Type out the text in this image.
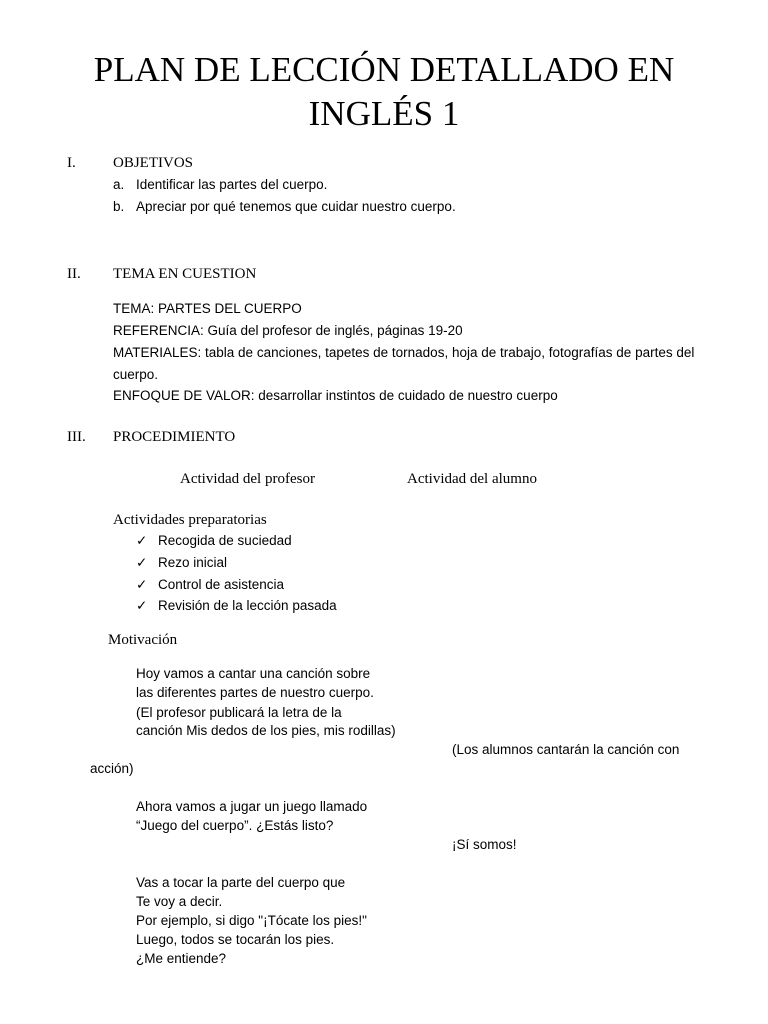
PLAN DE LECCIÓN DETALLADO EN
INGLÉS 1
I. OBJETIVOS
a. Identificar las partes del cuerpo.
b. Apreciar por qué tenemos que cuidar nuestro cuerpo.
II. TEMA EN CUESTION
TEMA: PARTES DEL CUERPO
REFERENCIA: Guía del profesor de inglés, páginas 19-20
MATERIALES: tabla de canciones, tapetes de tornados, hoja de trabajo, fotografías de partes del
cuerpo.
ENFOQUE DE VALOR: desarrollar instintos de cuidado de nuestro cuerpo
III. PROCEDIMIENTO
Actividad del profesor	Actividad del alumno
Actividades preparatorias
✓ Recogida de suciedad
✓ Rezo inicial
✓ Control de asistencia
✓ Revisión de la lección pasada
Motivación
Hoy vamos a cantar una canción sobre
las diferentes partes de nuestro cuerpo.
(El profesor publicará la letra de la
canción Mis dedos de los pies, mis rodillas)
(Los alumnos cantarán la canción con
acción)
Ahora vamos a jugar un juego llamado
“Juego del cuerpo”. ¿Estás listo?
¡Sí somos!
Vas a tocar la parte del cuerpo que
Te voy a decir.
Por ejemplo, si digo "¡Tócate los pies!"
Luego, todos se tocarán los pies.
¿Me entiende?
